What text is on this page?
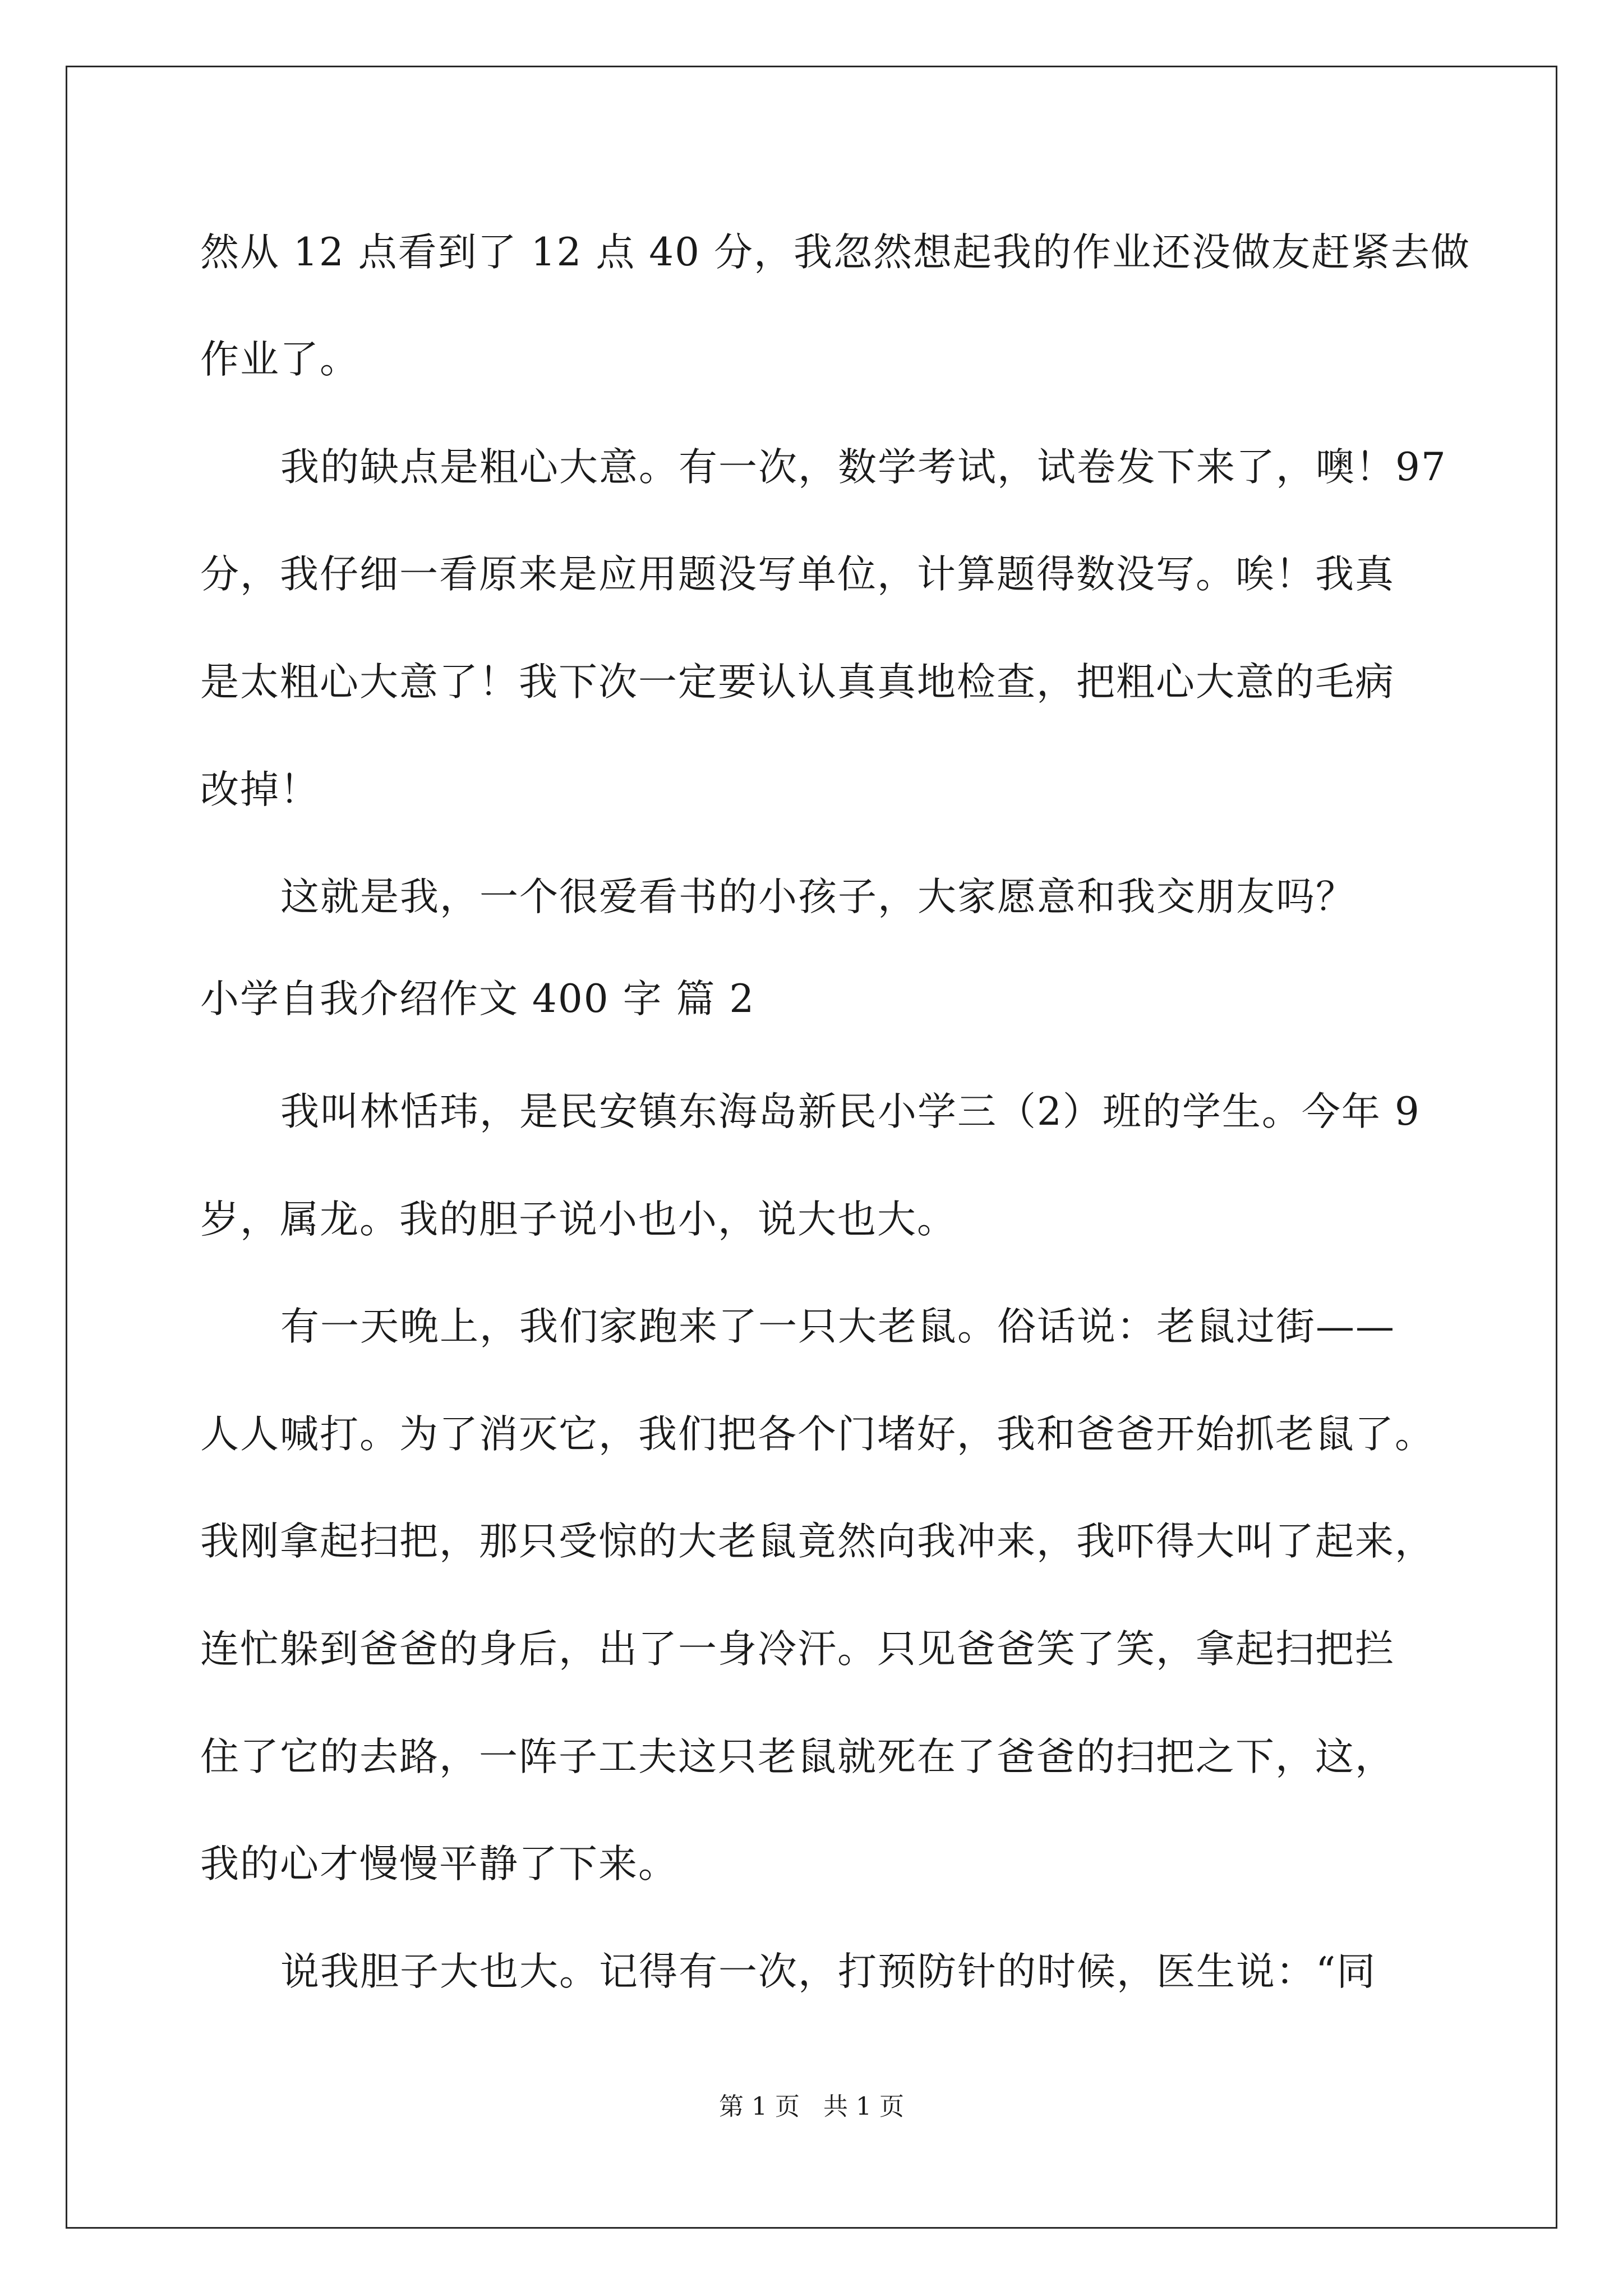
然从 12 点看到了 12 点 40 分，我忽然想起我的作业还没做友赶紧去做
作业了。
我的缺点是粗心大意。有一次，数学考试，试卷发下来了，噢！97
分，我仔细一看原来是应用题没写单位，计算题得数没写。唉！我真
是太粗心大意了！我下次一定要认认真真地检查，把粗心大意的毛病
改掉！
这就是我，一个很爱看书的小孩子，大家愿意和我交朋友吗？
小学自我介绍作文 400 字 篇 2
我叫林恬玮，是民安镇东海岛新民小学三（2）班的学生。今年 9
岁，属龙。我的胆子说小也小，说大也大。
有一天晚上，我们家跑来了一只大老鼠。俗话说：老鼠过街——
人人喊打。为了消灭它，我们把各个门堵好，我和爸爸开始抓老鼠了。
我刚拿起扫把，那只受惊的大老鼠竟然向我冲来，我吓得大叫了起来，
连忙躲到爸爸的身后，出了一身冷汗。只见爸爸笑了笑，拿起扫把拦
住了它的去路，一阵子工夫这只老鼠就死在了爸爸的扫把之下，这，
我的心才慢慢平静了下来。
说我胆子大也大。记得有一次，打预防针的时候，医生说：“同
第 1 页   共 1 页
